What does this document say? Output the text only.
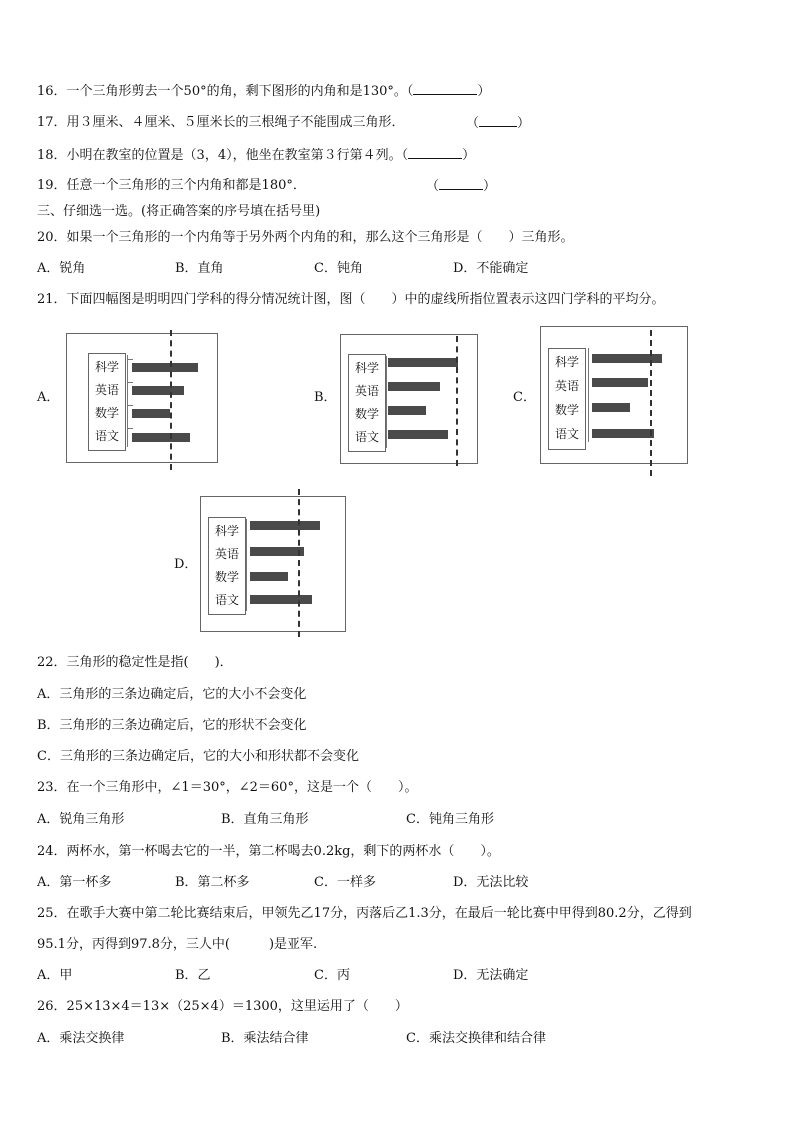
16．一个三角形剪去一个50°的角，剩下图形的内角和是130°。（	）
17．用３厘米、４厘米、５厘米长的三根绳子不能围成三角形．	（	）
18．小明在教室的位置是（3，4），他坐在教室第３行第４列。（	）
19．任意一个三角形的三个内角和都是180°．	（	）
三、仔细选一选。(将正确答案的序号填在括号里)
20．如果一个三角形的一个内角等于另外两个内角的和，那么这个三角形是（　　）三角形。
A．锐角	B．直角	C．钝角	D．不能确定
21．下面四幅图是明明四门学科的得分情况统计图，图（　　）中的虚线所指位置表示这四门学科的平均分。
A．
科学
英语
数学
语文
B．
科学
英语
数学
语文
C．
科学
英语
数学
语文
D．
科学
英语
数学
语文
22．三角形的稳定性是指(　　)．
A．三角形的三条边确定后，它的大小不会变化
B．三角形的三条边确定后，它的形状不会变化
C．三角形的三条边确定后，它的大小和形状都不会变化
23．在一个三角形中，∠1＝30°，∠2＝60°，这是一个（　　）。
A．锐角三角形	B．直角三角形	C．钝角三角形
24．两杯水，第一杯喝去它的一半，第二杯喝去0.2kg，剩下的两杯水（　　）。
A．第一杯多	B．第二杯多	C．一样多	D．无法比较
25．在歌手大赛中第二轮比赛结束后，甲领先乙17分，丙落后乙1.3分，在最后一轮比赛中甲得到80.2分，乙得到
95.1分，丙得到97.8分，三人中(　　　)是亚军.
A．甲	B．乙	C．丙	D．无法确定
26．25×13×4＝13×（25×4）＝1300，这里运用了（　　）
A．乘法交换律	B．乘法结合律	C．乘法交换律和结合律
